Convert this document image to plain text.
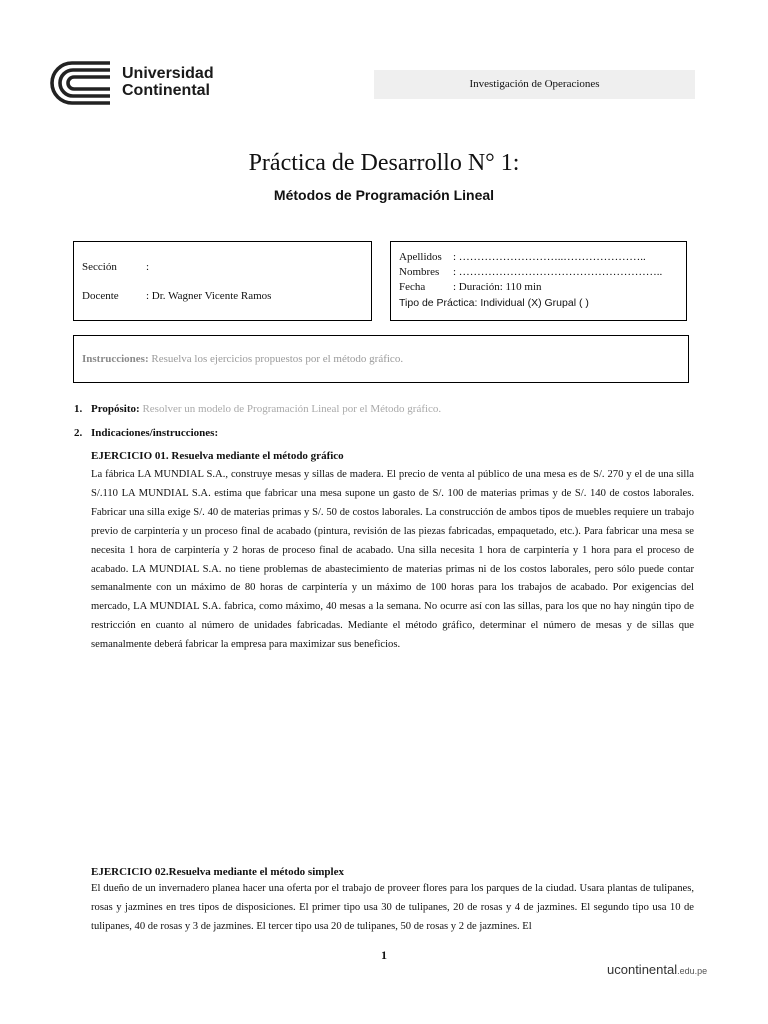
Universidad
Continental	Investigación de Operaciones
Práctica de Desarrollo N° 1:
Métodos de Programación Lineal
Sección	:
Docente : Dr. Wagner Vicente Ramos
Apellidos : ………………………..…………………..
Nombres : ………………………………………………..
Fecha	: Duración: 110 min
Tipo de Práctica: Individual (X) Grupal ( )
Instrucciones: Resuelva los ejercicios propuestos por el método gráfico.
1. Propósito: Resolver un modelo de Programación Lineal por el Método gráfico.
2. Indicaciones/instrucciones:
EJERCICIO 01. Resuelva mediante el método gráfico
La fábrica LA MUNDIAL S.A., construye mesas y sillas de madera. El precio de venta al público de una mesa es de S/. 270 y el de una silla S/.110 LA MUNDIAL S.A. estima que fabricar una mesa supone un gasto de S/. 100 de materias primas y de S/. 140 de costos laborales. Fabricar una silla exige S/. 40 de materias primas y S/. 50 de costos laborales. La construcción de ambos tipos de muebles requiere un trabajo previo de carpintería y un proceso final de acabado (pintura, revisión de las piezas fabricadas, empaquetado, etc.). Para fabricar una mesa se necesita 1 hora de carpintería y 2 horas de proceso final de acabado. Una silla necesita 1 hora de carpintería y 1 hora para el proceso de acabado. LA MUNDIAL S.A. no tiene problemas de abastecimiento de materias primas ni de los costos laborales, pero sólo puede contar semanalmente con un máximo de 80 horas de carpintería y un máximo de 100 horas para los trabajos de acabado. Por exigencias del mercado, LA MUNDIAL S.A. fabrica, como máximo, 40 mesas a la semana. No ocurre así con las sillas, para los que no hay ningún tipo de restricción en cuanto al número de unidades fabricadas. Mediante el método gráfico, determinar el número de mesas y de sillas que semanalmente deberá fabricar la empresa para maximizar sus beneficios.
EJERCICIO 02.Resuelva mediante el método simplex
El dueño de un invernadero planea hacer una oferta por el trabajo de proveer flores para los parques de la ciudad. Usara plantas de tulipanes, rosas y jazmines en tres tipos de disposiciones. El primer tipo usa 30 de tulipanes, 20 de rosas y 4 de jazmines. El segundo tipo usa 10 de tulipanes, 40 de rosas y 3 de jazmines. El tercer tipo usa 20 de tulipanes, 50 de rosas y 2 de jazmines. El
1
ucontinental.edu.pe
